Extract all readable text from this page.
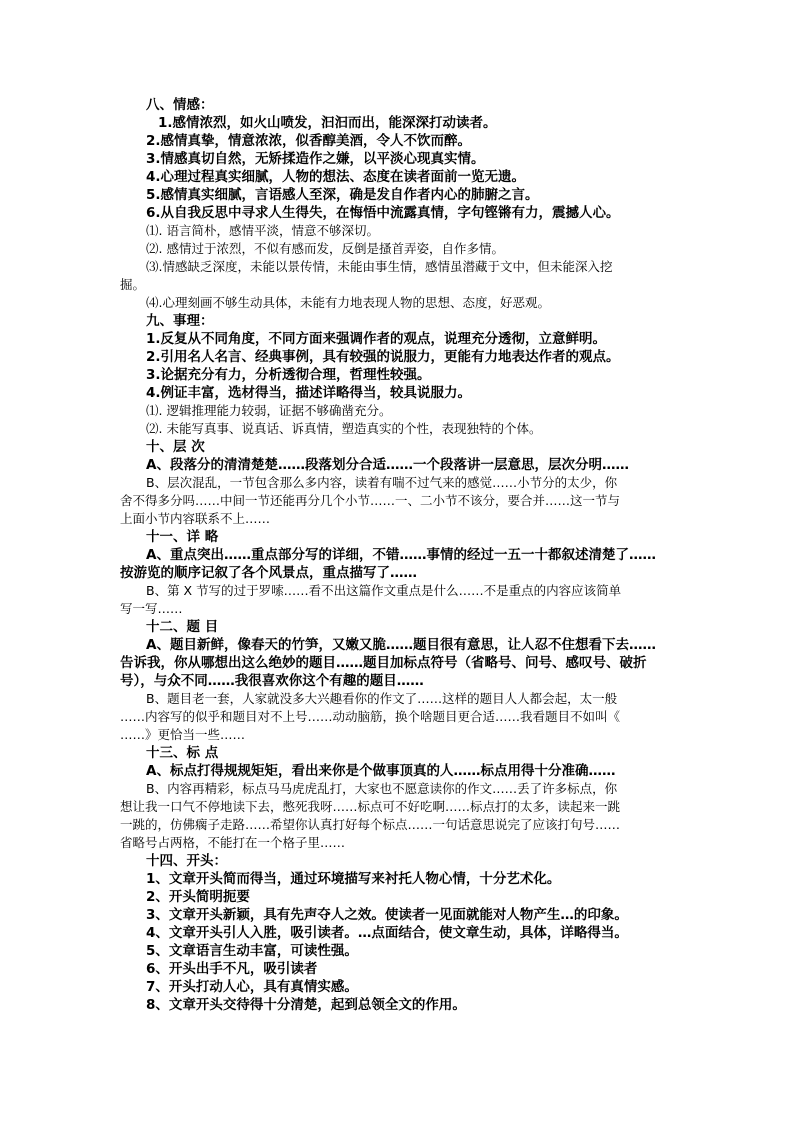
八、情感：
1.感情浓烈，如火山喷发，汩汩而出，能深深打动读者。
2.感情真挚，情意浓浓，似香醇美酒，令人不饮而醉。
3.情感真切自然，无矫揉造作之嫌，以平淡心现真实情。
4.心理过程真实细腻，人物的想法、态度在读者面前一览无遗。
5.感情真实细腻，言语感人至深，确是发自作者内心的肺腑之言。
6.从自我反思中寻求人生得失，在悔悟中流露真情，字句铿锵有力，震撼人心。
⑴. 语言简朴，感情平淡，情意不够深切。
⑵. 感情过于浓烈，不似有感而发，反倒是搔首弄姿，自作多情。
⑶.情感缺乏深度，未能以景传情，未能由事生情，感情虽潜藏于文中，但未能深入挖
掘。
⑷.心理刻画不够生动具体，未能有力地表现人物的思想、态度，好恶观。
九、事理：
1.反复从不同角度，不同方面来强调作者的观点，说理充分透彻，立意鲜明。
2.引用名人名言、经典事例，具有较强的说服力，更能有力地表达作者的观点。
3.论据充分有力，分析透彻合理，哲理性较强。
4.例证丰富，选材得当，描述详略得当，较具说服力。
⑴. 逻辑推理能力较弱，证据不够确凿充分。
⑵. 未能写真事、说真话、诉真情，塑造真实的个性，表现独特的个体。
十、层 次
A、段落分的清清楚楚……段落划分合适……一个段落讲一层意思，层次分明……
B、层次混乱，一节包含那么多内容，读着有喘不过气来的感觉……小节分的太少，你
舍不得多分吗……中间一节还能再分几个小节……一、二小节不该分，要合并……这一节与
上面小节内容联系不上……
十一、详 略
A、重点突出……重点部分写的详细，不错……事情的经过一五一十都叙述清楚了……
按游览的顺序记叙了各个风景点，重点描写了……
B、第 X 节写的过于罗嗦……看不出这篇作文重点是什么……不是重点的内容应该简单
写一写……
十二、题 目
A、题目新鲜，像春天的竹笋，又嫩又脆……题目很有意思，让人忍不住想看下去……
告诉我，你从哪想出这么绝妙的题目……题目加标点符号（省略号、问号、感叹号、破折
号），与众不同……我很喜欢你这个有趣的题目……
B、题目老一套，人家就没多大兴趣看你的作文了……这样的题目人人都会起，太一般
……内容写的似乎和题目对不上号……动动脑筋，换个啥题目更合适……我看题目不如叫《
……》更恰当一些……
十三、标 点
A、标点打得规规矩矩，看出来你是个做事顶真的人……标点用得十分准确……
B、内容再精彩，标点马马虎虎乱打，大家也不愿意读你的作文……丢了许多标点，你
想让我一口气不停地读下去，憋死我呀……标点可不好吃啊……标点打的太多，读起来一跳
一跳的，仿佛瘸子走路……希望你认真打好每个标点……一句话意思说完了应该打句号……
省略号占两格，不能打在一个格子里……
十四、开头：
1、文章开头简而得当，通过环境描写来衬托人物心情，十分艺术化。
2、开头简明扼要
3、文章开头新颖，具有先声夺人之效。使读者一见面就能对人物产生…的印象。
4、文章开头引人入胜，吸引读者。…点面结合，使文章生动，具体，详略得当。
5、文章语言生动丰富，可读性强。
6、开头出手不凡，吸引读者
7、开头打动人心，具有真情实感。
8、文章开头交待得十分清楚，起到总领全文的作用。
